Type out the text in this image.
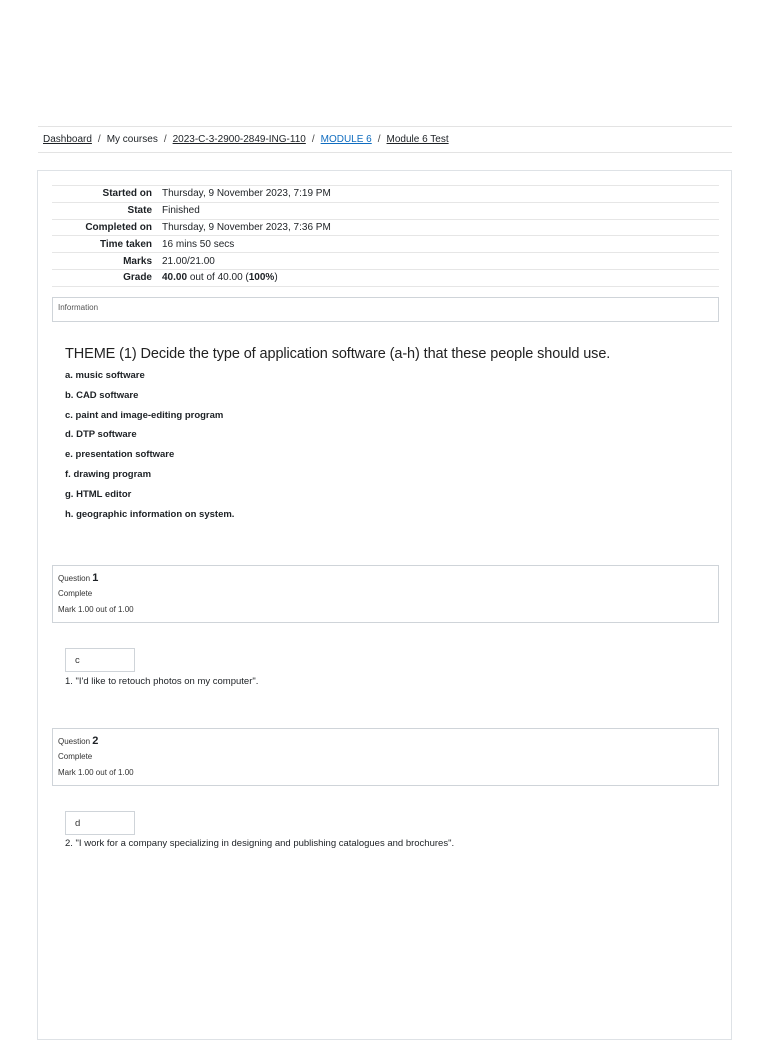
Dashboard / My courses / 2023-C-3-2900-2849-ING-110 / MODULE 6 / Module 6 Test
Started on	Thursday, 9 November 2023, 7:19 PM
State	Finished
Completed on	Thursday, 9 November 2023, 7:36 PM
Time taken	16 mins 50 secs
Marks	21.00/21.00
Grade	40.00 out of 40.00 (100%)
Information
THEME (1) Decide the type of application software (a-h) that these people should use.
a. music software
b. CAD software
c. paint and image-editing program
d. DTP software
e. presentation software
f. drawing program
g. HTML editor
h. geographic information on system.
Question 1
Complete
Mark 1.00 out of 1.00
c
1. "I'd like to retouch photos on my computer".
Question 2
Complete
Mark 1.00 out of 1.00
d
2. "I work for a company specializing in designing and publishing catalogues and brochures".
